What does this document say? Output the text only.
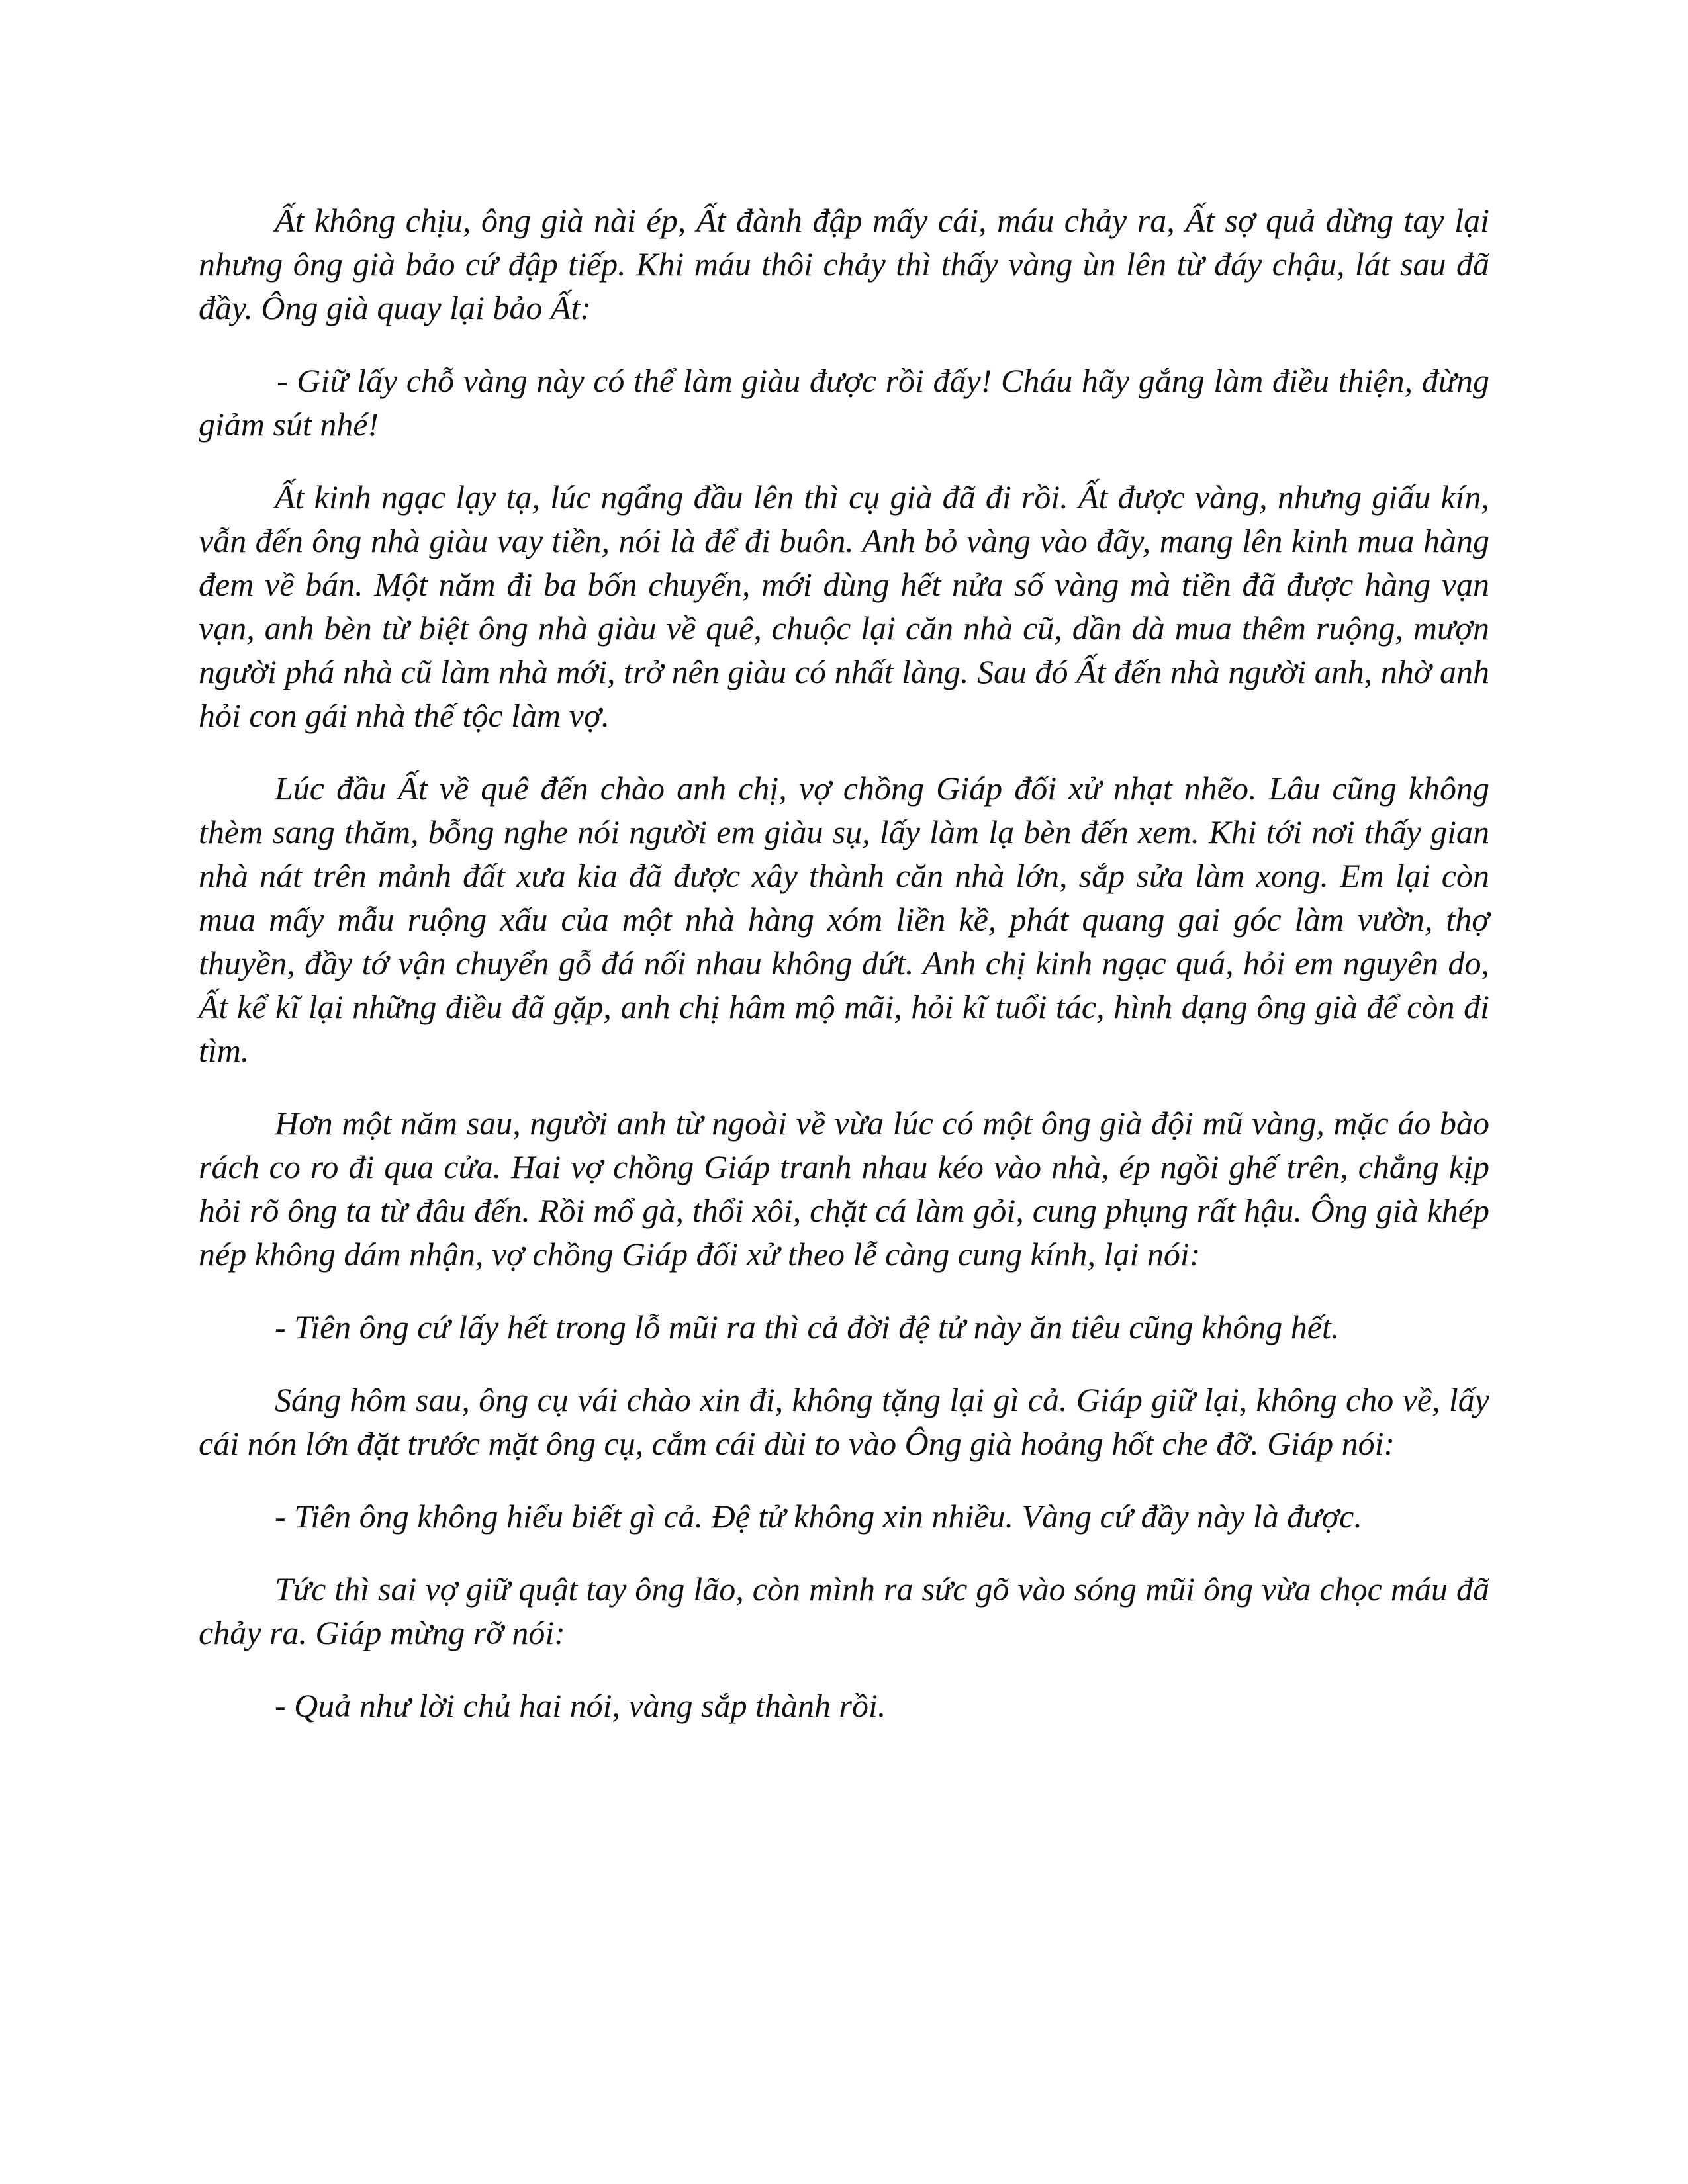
Ất không chịu, ông già nài ép, Ất đành đập mấy cái, máu chảy ra, Ất sợ quả dừng tay lại nhưng ông già bảo cứ đập tiếp. Khi máu thôi chảy thì thấy vàng ùn lên từ đáy chậu, lát sau đã đầy. Ông già quay lại bảo Ất:

- Giữ lấy chỗ vàng này có thể làm giàu được rồi đấy! Cháu hãy gắng làm điều thiện, đừng giảm sút nhé!

Ất kinh ngạc lạy tạ, lúc ngẩng đầu lên thì cụ già đã đi rồi. Ất được vàng, nhưng giấu kín, vẫn đến ông nhà giàu vay tiền, nói là để đi buôn. Anh bỏ vàng vào đãy, mang lên kinh mua hàng đem về bán. Một năm đi ba bốn chuyến, mới dùng hết nửa số vàng mà tiền đã được hàng vạn vạn, anh bèn từ biệt ông nhà giàu về quê, chuộc lại căn nhà cũ, dần dà mua thêm ruộng, mượn người phá nhà cũ làm nhà mới, trở nên giàu có nhất làng. Sau đó Ất đến nhà người anh, nhờ anh hỏi con gái nhà thế tộc làm vợ.

Lúc đầu Ất về quê đến chào anh chị, vợ chồng Giáp đối xử nhạt nhẽo. Lâu cũng không thèm sang thăm, bỗng nghe nói người em giàu sụ, lấy làm lạ bèn đến xem. Khi tới nơi thấy gian nhà nát trên mảnh đất xưa kia đã được xây thành căn nhà lớn, sắp sửa làm xong. Em lại còn mua mấy mẫu ruộng xấu của một nhà hàng xóm liền kề, phát quang gai góc làm vườn, thợ thuyền, đầy tớ vận chuyển gỗ đá nối nhau không dứt. Anh chị kinh ngạc quá, hỏi em nguyên do, Ất kể kĩ lại những điều đã gặp, anh chị hâm mộ mãi, hỏi kĩ tuổi tác, hình dạng ông già để còn đi tìm.

Hơn một năm sau, người anh từ ngoài về vừa lúc có một ông già đội mũ vàng, mặc áo bào rách co ro đi qua cửa. Hai vợ chồng Giáp tranh nhau kéo vào nhà, ép ngồi ghế trên, chẳng kịp hỏi rõ ông ta từ đâu đến. Rồi mổ gà, thổi xôi, chặt cá làm gỏi, cung phụng rất hậu. Ông già khép nép không dám nhận, vợ chồng Giáp đối xử theo lễ càng cung kính, lại nói:

- Tiên ông cứ lấy hết trong lỗ mũi ra thì cả đời đệ tử này ăn tiêu cũng không hết.

Sáng hôm sau, ông cụ vái chào xin đi, không tặng lại gì cả. Giáp giữ lại, không cho về, lấy cái nón lớn đặt trước mặt ông cụ, cắm cái dùi to vào Ông già hoảng hốt che đỡ. Giáp nói:

- Tiên ông không hiểu biết gì cả. Đệ tử không xin nhiều. Vàng cứ đầy này là được.

Tức thì sai vợ giữ quật tay ông lão, còn mình ra sức gõ vào sóng mũi ông vừa chọc máu đã chảy ra. Giáp mừng rỡ nói:

- Quả như lời chủ hai nói, vàng sắp thành rồi.
